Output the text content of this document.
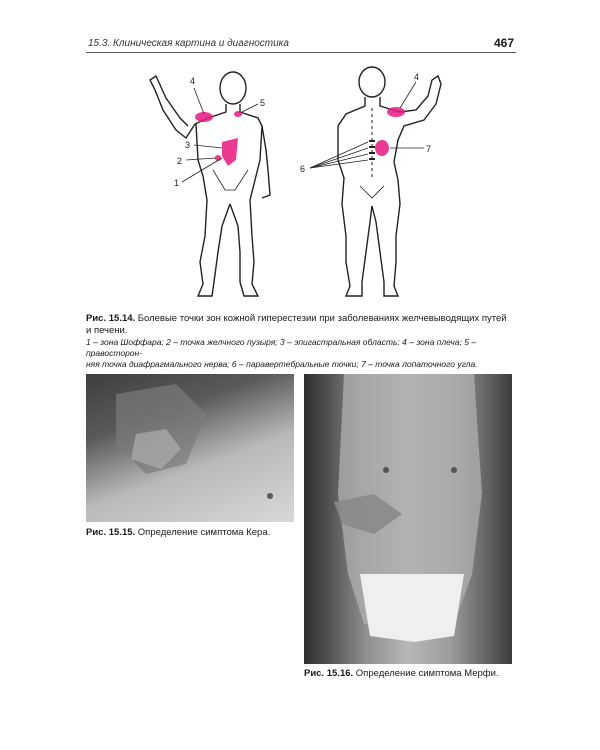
15.3. Клиническая картина и диагностика	467
4
5
3
2
1
4
7
6
Рис. 15.14. Болевые точки зон кожной гиперестезии при заболеваниях желчевыводящих путей
и печени.
1 – зона Шоффара; 2 – точка желчного пузыря; 3 – эпигастральная область; 4 – зона плеча; 5 – правосторон-
няя точка диафрагмального нерва; 6 – паравертебральные точки; 7 – точка лопаточного угла.
Рис. 15.15. Определение симптома Кера.
Рис. 15.16. Определение симптома Мерфи.
